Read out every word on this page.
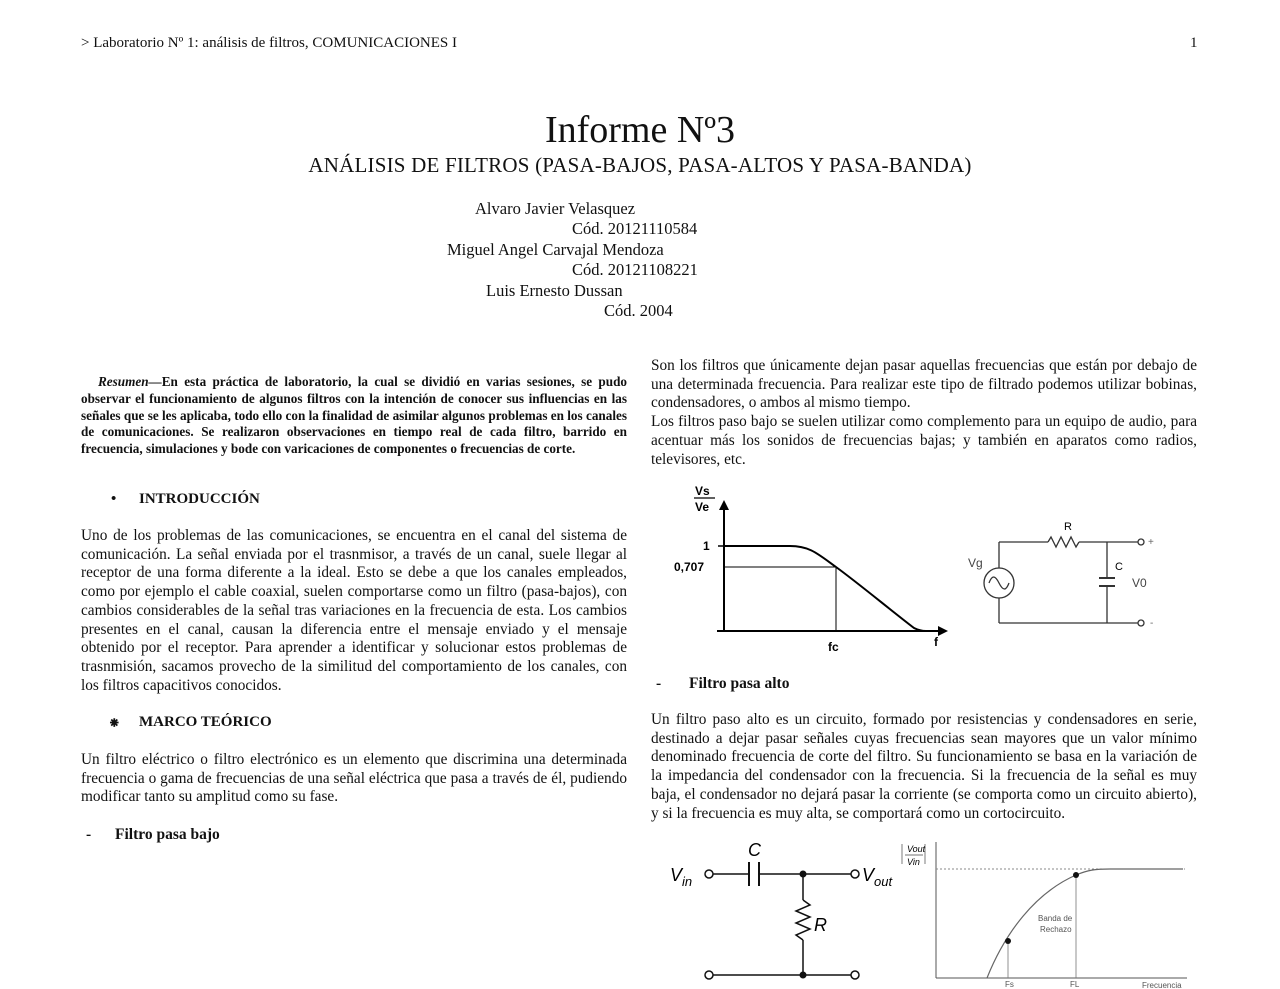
> Laboratorio Nº 1: análisis de filtros, COMUNICACIONES I	1
Informe Nº3
ANÁLISIS DE FILTROS (PASA-BAJOS, PASA-ALTOS Y PASA-BANDA)
Alvaro Javier Velasquez
Cód. 20121110584
Miguel Angel Carvajal Mendoza
Cód. 20121108221
Luis Ernesto Dussan
Cód. 2004
Resumen—En esta práctica de laboratorio, la cual se dividió en varias sesiones, se pudo observar el funcionamiento de algunos filtros con la intención de conocer sus influencias en las señales que se les aplicaba, todo ello con la finalidad de asimilar algunos problemas en los canales de comunicaciones. Se realizaron observaciones en tiempo real de cada filtro, barrido en frecuencia, simulaciones y bode con varicaciones de componentes o frecuencias de corte.
• INTRODUCCIÓN
Uno de los problemas de las comunicaciones, se encuentra en el canal del sistema de comunicación. La señal enviada por el trasnmisor, a través de un canal, suele llegar al receptor de una forma diferente a la ideal. Esto se debe a que los canales empleados, como por ejemplo el cable coaxial, suelen comportarse como un filtro (pasa-bajos), con cambios considerables de la señal tras variaciones en la frecuencia de esta. Los cambios presentes en el canal, causan la diferencia entre el mensaje enviado y el mensaje obtenido por el receptor. Para aprender a identificar y solucionar estos problemas de trasnmisión, sacamos provecho de la similitud del comportamiento de los canales, con los filtros capacitivos conocidos.
⁕ MARCO TEÓRICO
Un filtro eléctrico o filtro electrónico es un elemento que discrimina una determinada frecuencia o gama de frecuencias de una señal eléctrica que pasa a través de él, pudiendo modificar tanto su amplitud como su fase.
- Filtro pasa bajo
Son los filtros que únicamente dejan pasar aquellas frecuencias que están por debajo de una determinada frecuencia. Para realizar este tipo de filtrado podemos utilizar bobinas, condensadores, o ambos al mismo tiempo.
Los filtros paso bajo se suelen utilizar como complemento para un equipo de audio, para acentuar más los sonidos de frecuencias bajas; y también en aparatos como radios, televisores, etc.
Vs
Ve
1
0,707
fc	f
R
C
Vg
+
V0
-
- Filtro pasa alto
Un filtro paso alto es un circuito, formado por resistencias y condensadores en serie, destinado a dejar pasar señales cuyas frecuencias sean mayores que un valor mínimo denominado frecuencia de corte del filtro. Su funcionamiento se basa en la variación de la impedancia del condensador con la frecuencia. Si la frecuencia de la señal es muy baja, el condensador no dejará pasar la corriente (se comporta como un circuito abierto), y si la frecuencia es muy alta, se comportará como un cortocircuito.
C
$V_{in}$	$V_{out}$
R
Vout
Vin
Banda de
Rechazo
Fs	FL	Frecuencia
